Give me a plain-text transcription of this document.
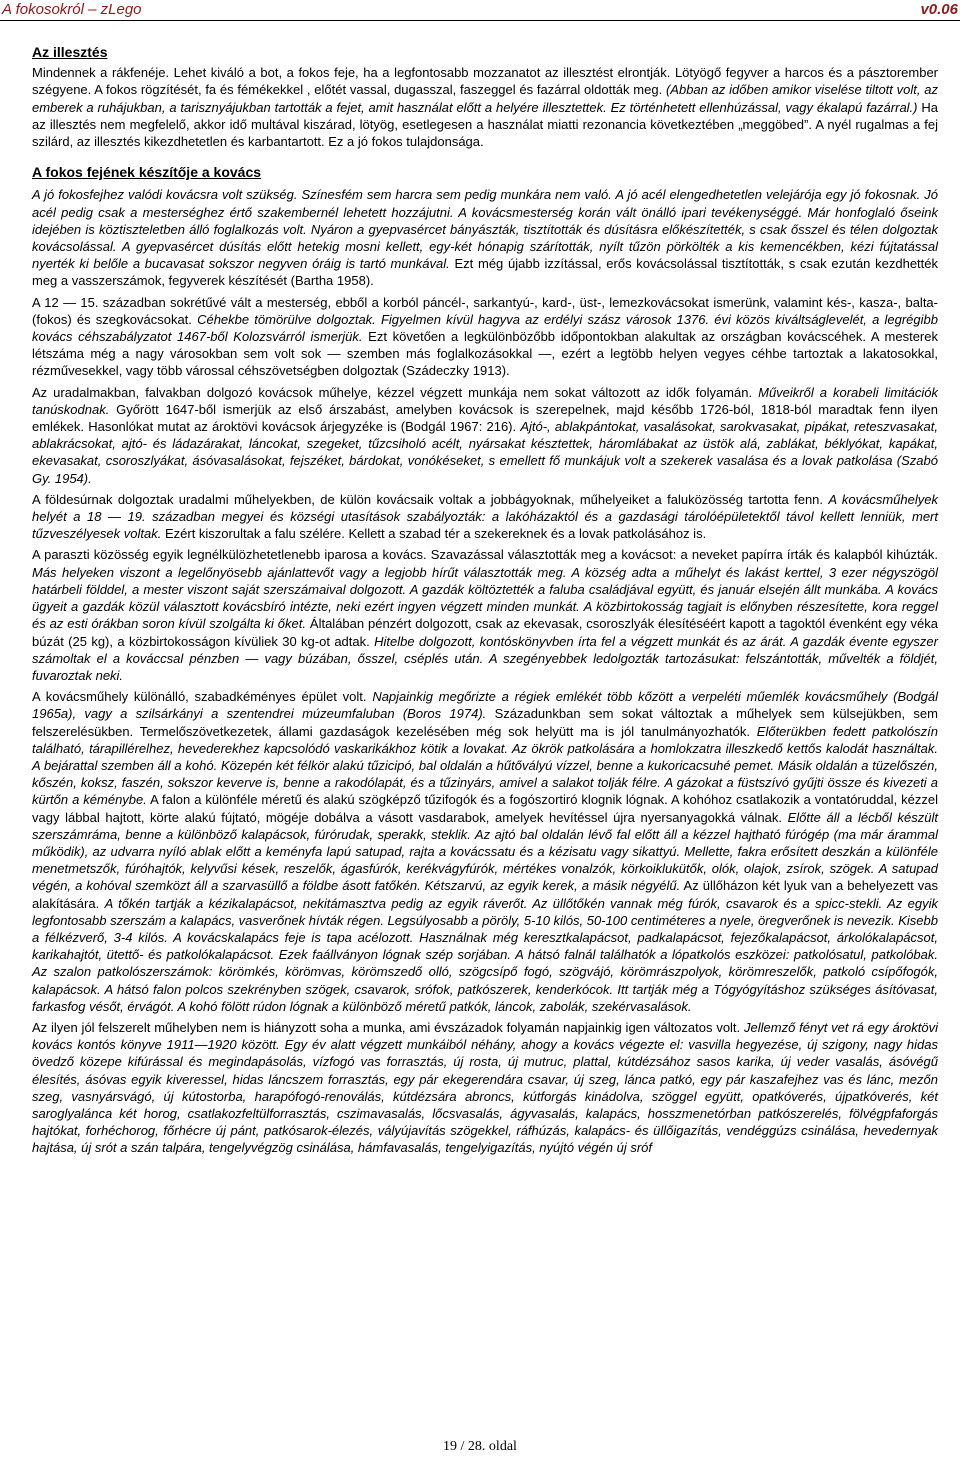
A fokosokról – zLego	v0.06
Az illesztés

Mindennek a rákfenéje. Lehet kiváló a bot, a fokos feje, ha a legfontosabb mozzanatot az illesztést elrontják. Lötyögő fegyver a harcos és a pásztorember szégyene. A fokos rögzítését, fa és fémékekkel , előtét vassal, dugasszal, faszeggel és fazárral oldották meg. (Abban az időben amikor viselése tiltott volt, az emberek a ruhájukban, a tarisznyájukban tartották a fejet, amit használat előtt a helyére illesztettek. Ez történhetett ellenhúzással, vagy ékalapú fazárral.) Ha az illesztés nem megfelelő, akkor idő multával kiszárad, lötyög, esetlegesen a használat miatti rezonancia következtében „meggöbed”. A nyél rugalmas a fej szilárd, az illesztés kikezdhetetlen és karbantartott. Ez a jó fokos tulajdonsága.

A fokos fejének készítője a kovács

A jó fokosfejhez valódi kovácsra volt szükség. Színesfém sem harcra sem pedig munkára nem való. A jó acél elengedhetetlen velejárója egy jó fokosnak. Jó acél pedig csak a mesterséghez értő szakembernél lehetett hozzájutni. A kovácsmesterség korán vált önálló ipari tevékenységgé. Már honfoglaló őseink idejében is köztiszteletben álló foglalkozás volt. Nyáron a gyepvasércet bányászták, tisztították és dúsításra előkészítették, s csak ősszel és télen dolgoztak kovácsolással. A gyepvasércet dúsítás előtt hetekig mosni kellett, egy-két hónapig szárították, nyílt tűzön pörkölték a kis kemencékben, kézi fújtatással nyerték ki belőle a bucavasat sokszor negyven óráig is tartó munkával. Ezt még újabb izzítással, erős kovácsolással tisztították, s csak ezután kezdhették meg a vasszerszámok, fegyverek készítését (Bartha 1958).

A 12 — 15. században sokrétűvé vált a mesterség, ebből a korból páncél-, sarkantyú-, kard-, üst-, lemezkovácsokat ismerünk, valamint kés-, kasza-, balta- (fokos) és szegkovácsokat. Céhekbe tömörülve dolgoztak. Figyelmen kívül hagyva az erdélyi szász városok 1376. évi közös kiváltságlevelét, a legrégibb kovács céhszabályzatot 1467-ből Kolozsvárról ismerjük. Ezt követően a legkülönbözőbb időpontokban alakultak az országban kovácscéhek. A mesterek létszáma még a nagy városokban sem volt sok — szemben más foglalkozásokkal —, ezért a legtöbb helyen vegyes céhbe tartoztak a lakatosokkal, rézművesekkel, vagy több várossal céhszövetségben dolgoztak (Szádeczky 1913).

Az uradalmakban, falvakban dolgozó kovácsok műhelye, kézzel végzett munkája nem sokat változott az idők folyamán. Műveikről a korabeli limitációk tanúskodnak. Győrött 1647-ből ismerjük az első árszabást, amelyben kovácsok is szerepelnek, majd később 1726-ból, 1818-ból maradtak fenn ilyen emlékek. Hasonlókat mutat az ároktövi kovácsok árjegyzéke is (Bodgál 1967: 216). Ajtó-, ablakpántokat, vasalásokat, sarokvasakat, pipákat, reteszvasakat, ablakrácsokat, ajtó- és ládazárakat, láncokat, szegeket, tűzcsiholó acélt, nyársakat késztettek, háromlábakat az üstök alá, zablákat, béklyókat, kapákat, ekevasakat, csoroszlyákat, ásóvasalásokat, fejszéket, bárdokat, vonókéseket, s emellett fő munkájuk volt a szekerek vasalása és a lovak patkolása (Szabó Gy. 1954).

A földesúrnak dolgoztak uradalmi műhelyekben, de külön kovácsaik voltak a jobbágyoknak, műhelyeiket a faluközösség tartotta fenn. A kovácsműhelyek helyét a 18 — 19. században megyei és községi utasítások szabályozták: a lakóházaktól és a gazdasági tárolóépületektől távol kellett lenniük, mert tűzveszélyesek voltak. Ezért kiszorultak a falu szélére. Kellett a szabad tér a szekereknek és a lovak patkolásához is.

A paraszti közösség egyik legnélkülözhetetlenebb iparosa a kovács. Szavazással választották meg a kovácsot: a neveket papírra írták és kalapból kihúzták. Más helyeken viszont a legelőnyösebb ajánlattevőt vagy a legjobb hírűt választották meg. A község adta a műhelyt és lakást kerttel, 3 ezer négyszögöl határbeli földdel, a mester viszont saját szerszámaival dolgozott. A gazdák költöztették a faluba családjával együtt, és január elsején állt munkába. A kovács ügyeit a gazdák közül választott kovácsbíró intézte, neki ezért ingyen végzett minden munkát. A közbirtokosság tagjait is előnyben részesítette, kora reggel és az esti órákban soron kívül szolgálta ki őket. Általában pénzért dolgozott, csak az ekevasak, csoroszlyák élesítéséért kapott a tagoktól évenként egy véka búzát (25 kg), a közbirtokosságon kívüliek 30 kg-ot adtak. Hitelbe dolgozott, kontóskönyvben írta fel a végzett munkát és az árát. A gazdák évente egyszer számoltak el a kováccsal pénzben — vagy búzában, ősszel, csépl​és után. A szegényebbek ledolgozták tartozásukat: felszántották, művelték a földjét, fuvaroztak neki.

A kovácsműhely különálló, szabadkéményes épület volt. Napjainkig megőrizte a régiek emlékét több kőzött a verpeléti műemlék kovácsműhely (Bodgál 1965a), vagy a szilsárkányi a szentendrei múzeumfaluban (Boros 1974). Századunkban sem sokat változtak a műhelyek sem külsejükben, sem felszerelésükben. Termelőszövetkezetek, állami gazdaságok kezelésében még sok helyütt ma is jól tanulmányozhatók. Előterükben fedett patkolószín található, tárapillérelhez, hevederekhez kapcsolódó vaskarikákhoz kötik a lovakat. Az ökrök patkolására a homlokzatra illeszkedő kettős kalodát használtak. A bejárattal szemben áll a kohó. Közepén két félkör alakú tűzicipó, bal oldalán a hűtővályú vízzel, benne a kukoricacsuhé pemet. Másik oldalán a tüzelőszén, kőszén, koksz, faszén, sokszor keverve is, benne a rakodólapát, és a tűzinyárs, amivel a salakot tolják félre. A gázokat a füstszívó gyűjti össze és kivezeti a kürtőn a kéménybe. A falon a különféle méretű és alakú szögképző tűzifogók és a fogószortiró klognik lógnak. A kohóhoz csatlakozik a vontatóruddal, kézzel vagy lábbal hajtott, körte alakú fújtató, mögéje dobálva a vásott vasdarabok, amelyek hevítéssel újra nyersanyagokká válnak. Előtte áll a lécből készült szerszámráma, benne a különböző kalapácsok, fúrórudak, sperakk, steklik. Az ajtó bal oldalán lévő fal előtt áll a kézzel hajtható fúrógép (ma már árammal működik), az udvarra nyíló ablak előtt a keményfa lapú satupad, rajta a kovácssatu és a kézisatu vagy sikattyú. Mellette, fakra erősített deszkán a különféle menetmetszők, fúróhajtók, kelyvűsi kések, reszelők, ágasfúrók, kerékvágyfúrók, mértékes vonalzók, körkoiklukütők, olók, olajok, zsírok, szögek. A satupad végén, a kohóval szemközt áll a szarvasüllő a földbe ásott fatőkén. Kétszarvú, az egyik kerek, a másik négyélű. Az üllőházon két lyuk van a behelyezett vas alakítására. A tőkén tartják a kézikalapácsot, nekitámasztva pedig az egyik ráverőt. Az üllőtőkén vannak még fúrók, csavarok és a spicc-stekli. Az egyik legfontosabb szerszám a kalapács, vasverőnek hívták régen. Legsúlyosabb a pöröly, 5-10 kilós, 50-100 centiméteres a nyele, öregverőnek is nevezik. Kisebb a félkézverő, 3-4 kilós. A kovácskalapács feje is tapa acélozott. Használnak még keresztkalapácsot, padkalapácsot, fejezőkalapácsot, árkolókalapácsot, karikahajtót, ütettő- és patkolókalapácsot. Ezek faállványon lógnak szép sorjában. A hátsó falnál találhatók a lópatkolós eszközei: patkolósatul, patkolóbak. Az szalon patkolószerszámok: körömkés, körömvas, körömszedő olló, szögcsípő fogó, szögvájó, körömrászpolyok, körömreszelők, patkoló csípőfogók, kalapácsok. A hátsó falon polcos szekrényben szögek, csavarok, srófok, patkószerek, kenderkócok. Itt tartják még a Tógyógyításhoz szükséges ásítóvasat, farkasfog vésőt, érvágót. A kohó fölött rúdon lógnak a különböző méretű patkók, láncok, zabolák, szekérvasalások.

Az ilyen jól felszerelt műhelyben nem is hiányzott soha a munka, ami évszázadok folyamán napjainkig igen változatos volt. Jellemző fényt vet rá egy ároktövi kovács kontós könyve 1911—1920 között. Egy év alatt végzett munkáiból néhány, ahogy a kovács végezte el: vasvilla hegyezése, új szigony, nagy hidas övedző közepe kifúrással és megindapásolás, vízfogó vas forrasztás, új rosta, új mutruc, plattal, kútdézsához sasos karika, új veder vasalás, ásóvégű élesítés, ásóvas egyik kiveressel, hidas láncszem forrasztás, egy pár ekegerendára csavar, új szeg, lánca patkó, egy pár kaszafejhez vas és lánc, mezőn szeg, vasnyársvágó, új kútostorba, harapófogó-renoválás, kútdézsára abroncs, kútforgás kinádolva, szöggel együtt, opatkóverés, újpatkóverés, két saroglyalánca két horog, csatlakozfeltülforrasztás, cszimavasalás, lőcsvasalás, ágyvasalás, kalapács, hosszmenetórban patkószerelés, fölvégpfaforgás hajtókat, forhéchorog, főrhécre új pánt, patkósarok-élezés, vályújavítás szögekkel, ráfhúzás, kalapács- és üllőigazítás, vendéggúzs csinálása, hevedernyak hajtása, új srót a szán talpára, tengelyvégzög csinálása, hámfavasalás, tengelyigazítás, nyújtó végén új sróf

19 / 28. oldal
